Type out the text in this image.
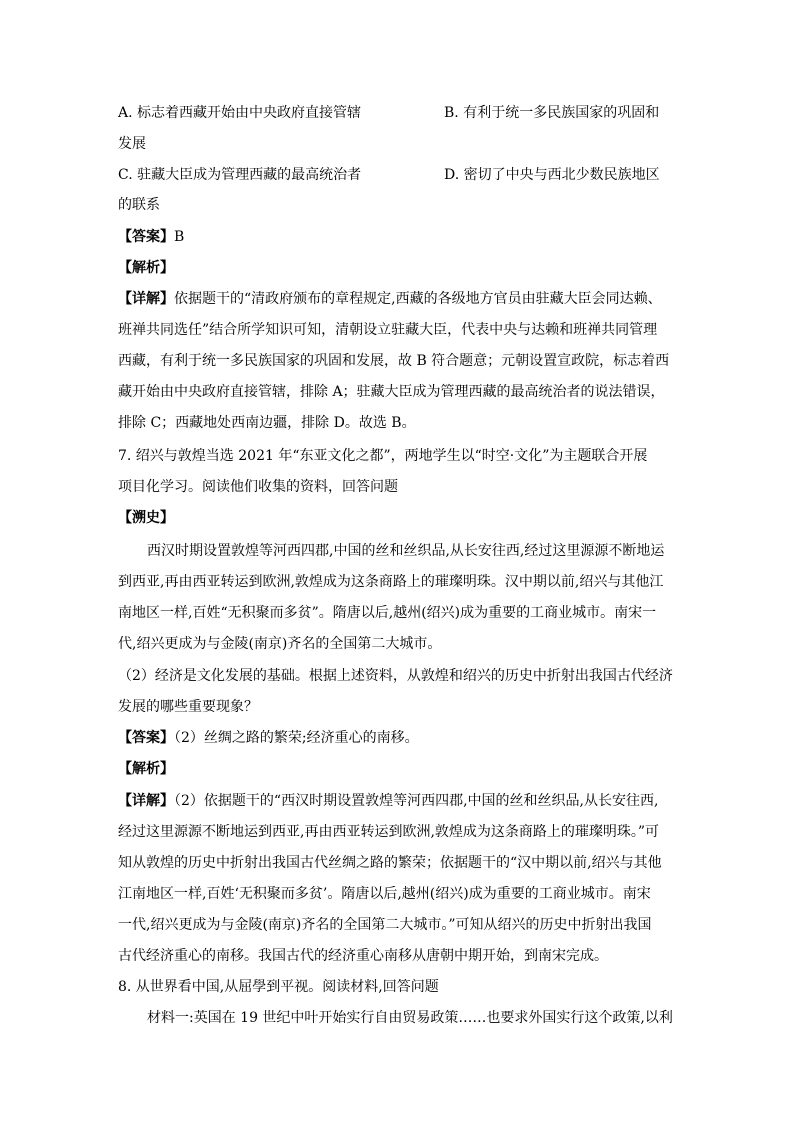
A. 标志着西藏开始由中央政府直接管辖	B. 有利于统一多民族国家的巩固和
发展
C. 驻藏大臣成为管理西藏的最高统治者	D. 密切了中央与西北少数民族地区
的联系
【答案】B
【解析】
【详解】依据题干的“清政府颁布的章程规定,西藏的各级地方官员由驻藏大臣会同达赖、
班禅共同选任”结合所学知识可知，清朝设立驻藏大臣，代表中央与达赖和班禅共同管理
西藏，有利于统一多民族国家的巩固和发展，故 B 符合题意；元朝设置宣政院，标志着西
藏开始由中央政府直接管辖，排除 A；驻藏大臣成为管理西藏的最高统治者的说法错误，
排除 C；西藏地处西南边疆，排除 D。故选 B。
7. 绍兴与敦煌当选 2021 年“东亚文化之都”，两地学生以“时空·文化”为主题联合开展
项目化学习。阅读他们收集的资料，回答问题
【溯史】
西汉时期设置敦煌等河西四郡,中国的丝和丝织品,从长安往西,经过这里源源不断地运
到西亚,再由西亚转运到欧洲,敦煌成为这条商路上的璀璨明珠。汉中期以前,绍兴与其他江
南地区一样,百姓“无积聚而多贫”。隋唐以后,越州(绍兴)成为重要的工商业城市。南宋一
代,绍兴更成为与金陵(南京)齐名的全国第二大城市。
（2）经济是文化发展的基础。根据上述资料，从敦煌和绍兴的历史中折射出我国古代经济
发展的哪些重要现象？
【答案】（2）丝绸之路的繁荣;经济重心的南移。
【解析】
【详解】（2）依据题干的“西汉时期设置敦煌等河西四郡,中国的丝和丝织品,从长安往西,
经过这里源源不断地运到西亚,再由西亚转运到欧洲,敦煌成为这条商路上的璀璨明珠。”可
知从敦煌的历史中折射出我国古代丝绸之路的繁荣；依据题干的“汉中期以前,绍兴与其他
江南地区一样,百姓‘无积聚而多贫’。隋唐以后,越州(绍兴)成为重要的工商业城市。南宋
一代,绍兴更成为与金陵(南京)齐名的全国第二大城市。”可知从绍兴的历史中折射出我国
古代经济重心的南移。我国古代的经济重心南移从唐朝中期开始，到南宋完成。
8. 从世界看中国,从屈學到平视。阅读材料,回答问题
材料一:英国在 19 世纪中叶开始实行自由贸易政策……也要求外国实行这个政策,以利
